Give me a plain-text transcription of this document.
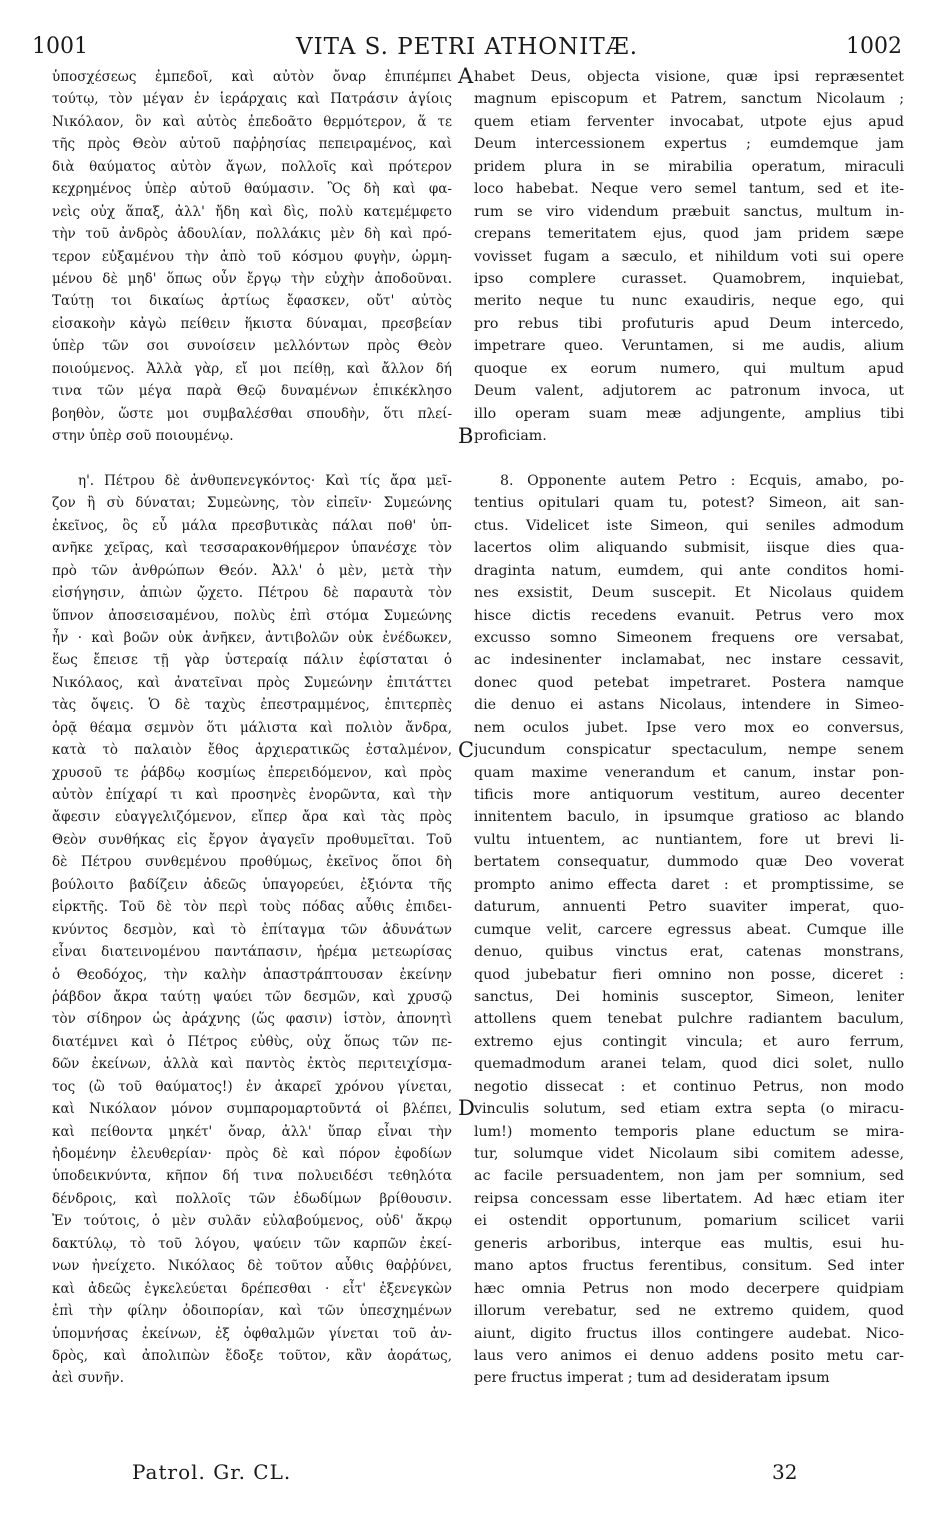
1001	VITA S. PETRI ATHONITÆ.	1002
ὑποσχέσεως ἐμπεδοῖ, καὶ αὐτὸν ὄναρ ἐπιπέμπει
τούτῳ, τὸν μέγαν ἐν ἱεράρχαις καὶ Πατράσιν ἁγίοις
Νικόλαον, ὃν καὶ αὐτὸς ἐπεδοᾶτο θερμότερον, ἅ τε
τῆς πρὸς Θεὸν αὐτοῦ παῤῥησίας πεπειραμένος, καὶ
διὰ θαύματος αὐτὸν ἄγων, πολλοῖς καὶ πρότερον
κεχρημένος ὑπὲρ αὐτοῦ θαύμασιν. Ὃς δὴ καὶ φα-
νεὶς οὐχ ἅπαξ, ἀλλ' ἤδη καὶ δὶς, πολὺ κατεμέμφετο
τὴν τοῦ ἀνδρὸς ἀδουλίαν, πολλάκις μὲν δὴ καὶ πρό-
τερον εὐξαμένου τὴν ἀπὸ τοῦ κόσμου φυγὴν, ὡρμη-
μένου δὲ μηδ' ὅπως οὖν ἔργῳ τὴν εὐχὴν ἀποδοῦναι.
Ταύτῃ τοι δικαίως ἀρτίως ἔφασκεν, οὔτ' αὐτὸς
εἰσακοὴν κἀγὼ πείθειν ἥκιστα δύναμαι, πρεσβείαν
ὑπὲρ τῶν σοι συνοίσειν μελλόντων πρὸς Θεὸν
ποιούμενος. Ἀλλὰ γὰρ, εἴ μοι πείθῃ, καὶ ἄλλον δή
τινα τῶν μέγα παρὰ Θεῷ δυναμένων ἐπικέκλησο
βοηθὸν, ὥστε μοι συμβαλέσθαι σπουδὴν, ὅτι πλεί-
στην ὑπὲρ σοῦ ποιουμένῳ.
η'. Πέτρου δὲ ἀνθυπενεγκόντος· Καὶ τίς ἄρα μεῖ-
ζον ἢ σὺ δύναται; Συμεὼνης, τὸν εἰπεῖν· Συμεώνης
ἐκεῖνος, ὃς εὖ μάλα πρεσβυτικὰς πάλαι ποθ' ὑπ-
ανῆκε χεῖρας, καὶ τεσσαρακονθήμερον ὑπανέσχε τὸν
πρὸ τῶν ἀνθρώπων Θεόν. Ἀλλ' ὁ μὲν, μετὰ τὴν
εἰσήγησιν, ἀπιὼν ᾤχετο. Πέτρου δὲ παραυτὰ τὸν
ὕπνον ἀποσεισαμένου, πολὺς ἐπὶ στόμα Συμεώνης
ἦν · καὶ βοῶν οὐκ ἀνῆκεν, ἀντιβολῶν οὐκ ἐνέδωκεν,
ἕως ἔπεισε τῇ γὰρ ὑστεραίᾳ πάλιν ἐφίσταται ὁ
Νικόλαος, καὶ ἀνατεῖναι πρὸς Συμεώνην ἐπιτάττει
τὰς ὄψεις. Ὁ δὲ ταχὺς ἐπεστραμμένος, ἐπιτερπὲς
ὁρᾷ θέαμα σεμνὸν ὅτι μάλιστα καὶ πολιὸν ἄνδρα,
κατὰ τὸ παλαιὸν ἔθος ἀρχιερατικῶς ἐσταλμένον,
χρυσοῦ τε ῥάβδῳ κοσμίως ἐπερειδόμενον, καὶ πρὸς
αὐτὸν ἐπίχαρί τι καὶ προσηνὲς ἐνορῶντα, καὶ τὴν
ἄφεσιν εὐαγγελιζόμενον, εἴπερ ἄρα καὶ τὰς πρὸς
Θεὸν συνθήκας εἰς ἔργον ἀγαγεῖν προθυμεῖται. Τοῦ
δὲ Πέτρου συνθεμένου προθύμως, ἐκεῖνος ὅποι δὴ
βούλοιτο βαδίζειν ἀδεῶς ὑπαγορεύει, ἐξιόντα τῆς
εἱρκτῆς. Τοῦ δὲ τὸν περὶ τοὺς πόδας αὖθις ἐπιδει-
κνύντος δεσμὸν, καὶ τὸ ἐπίταγμα τῶν ἀδυνάτων
εἶναι διατεινομένου παντάπασιν, ἠρέμα μετεωρίσας
ὁ Θεοδόχος, τὴν καλὴν ἀπαστράπτουσαν ἐκείνην
ῥάβδον ἄκρα ταύτῃ ψαύει τῶν δεσμῶν, καὶ χρυσῷ
τὸν σίδηρον ὡς ἀράχνης (ὥς φασιν) ἱστὸν, ἀπονητὶ
διατέμνει καὶ ὁ Πέτρος εὐθὺς, οὐχ ὅπως τῶν πε-
δῶν ἐκείνων, ἀλλὰ καὶ παντὸς ἐκτὸς περιτειχίσμα-
τος (ὢ τοῦ θαύματος!) ἐν ἀκαρεῖ χρόνου γίνεται,
καὶ Νικόλαον μόνον συμπαρομαρτοῦντά οἱ βλέπει,
καὶ πείθοντα μηκέτ' ὄναρ, ἀλλ' ὕπαρ εἶναι τὴν
ἠδομένην ἐλευθερίαν· πρὸς δὲ καὶ πόρον ἐφοδίων
ὑποδεικνύντα, κῆπον δή τινα πολυειδέσι τεθηλότα
δένδροις, καὶ πολλοῖς τῶν ἐδωδίμων βρίθουσιν.
Ἐν τούτοις, ὁ μὲν συλᾶν εὐλαβούμενος, οὐδ' ἄκρῳ
δακτύλῳ, τὸ τοῦ λόγου, ψαύειν τῶν καρπῶν ἐκεί-
νων ἠνείχετο. Νικόλαος δὲ τοῦτον αὖθις θαῤῥύνει,
καὶ ἀδεῶς ἐγκελεύεται δρέπεσθαι · εἶτ' ἐξενεγκὼν
ἐπὶ τὴν φίλην ὁδοιπορίαν, καὶ τῶν ὑπεσχημένων
ὑπομνήσας ἐκείνων, ἐξ ὀφθαλμῶν γίνεται τοῦ ἀν-
δρὸς, καὶ ἀπολιπὼν ἔδοξε τοῦτον, κἂν ἀοράτως,
ἀεὶ συνῆν.
habet Deus, objecta visione, quæ ipsi repræsentet
magnum episcopum et Patrem, sanctum Nicolaum ;
quem etiam ferventer invocabat, utpote ejus apud
Deum intercessionem expertus ; eumdemque jam
pridem plura in se mirabilia operatum, miraculi
loco habebat. Neque vero semel tantum, sed et ite-
rum se viro videndum præbuit sanctus, multum in-
crepans temeritatem ejus, quod jam pridem sæpe
vovisset fugam a sæculo, et nihildum voti sui opere
ipso complere curasset. Quamobrem, inquiebat,
merito neque tu nunc exaudiris, neque ego, qui
pro rebus tibi profuturis apud Deum intercedo,
impetrare queo. Veruntamen, si me audis, alium
quoque ex eorum numero, qui multum apud
Deum valent, adjutorem ac patronum invoca, ut
illo operam suam meæ adjungente, amplius tibi
proficiam.
8. Opponente autem Petro : Ecquis, amabo, po-
tentius opitulari quam tu, potest? Simeon, ait san-
ctus. Videlicet iste Simeon, qui seniles admodum
lacertos olim aliquando submisit, iisque dies qua-
draginta natum, eumdem, qui ante conditos homi-
nes exsistit, Deum suscepit. Et Nicolaus quidem
hisce dictis recedens evanuit. Petrus vero mox
excusso somno Simeonem frequens ore versabat,
ac indesinenter inclamabat, nec instare cessavit,
donec quod petebat impetraret. Postera namque
die denuo ei astans Nicolaus, intendere in Simeo-
nem oculos jubet. Ipse vero mox eo conversus,
jucundum conspicatur spectaculum, nempe senem
quam maxime venerandum et canum, instar pon-
tificis more antiquorum vestitum, aureo decenter
innitentem baculo, in ipsumque gratioso ac blando
vultu intuentem, ac nuntiantem, fore ut brevi li-
bertatem consequatur, dummodo quæ Deo voverat
prompto animo effecta daret : et promptissime, se
daturum, annuenti Petro suaviter imperat, quo-
cumque velit, carcere egressus abeat. Cumque ille
denuo, quibus vinctus erat, catenas monstrans,
quod jubebatur fieri omnino non posse, diceret :
sanctus, Dei hominis susceptor, Simeon, leniter
attollens quem tenebat pulchre radiantem baculum,
extremo ejus contingit vincula; et auro ferrum,
quemadmodum aranei telam, quod dici solet, nullo
negotio dissecat : et continuo Petrus, non modo
vinculis solutum, sed etiam extra septa (o miracu-
lum!) momento temporis plane eductum se mira-
tur, solumque videt Nicolaum sibi comitem adesse,
ac facile persuadentem, non jam per somnium, sed
reipsa concessam esse libertatem. Ad hæc etiam iter
ei ostendit opportunum, pomarium scilicet varii
generis arboribus, interque eas multis, esui hu-
mano aptos fructus ferentibus, consitum. Sed inter
hæc omnia Petrus non modo decerpere quidpiam
illorum verebatur, sed ne extremo quidem, quod
aiunt, digito fructus illos contingere audebat. Nico-
laus vero animos ei denuo addens posito metu car-
pere fructus imperat ; tum ad desideratam ipsum
A
B
C
D
Patrol. Gr. CL.	32
